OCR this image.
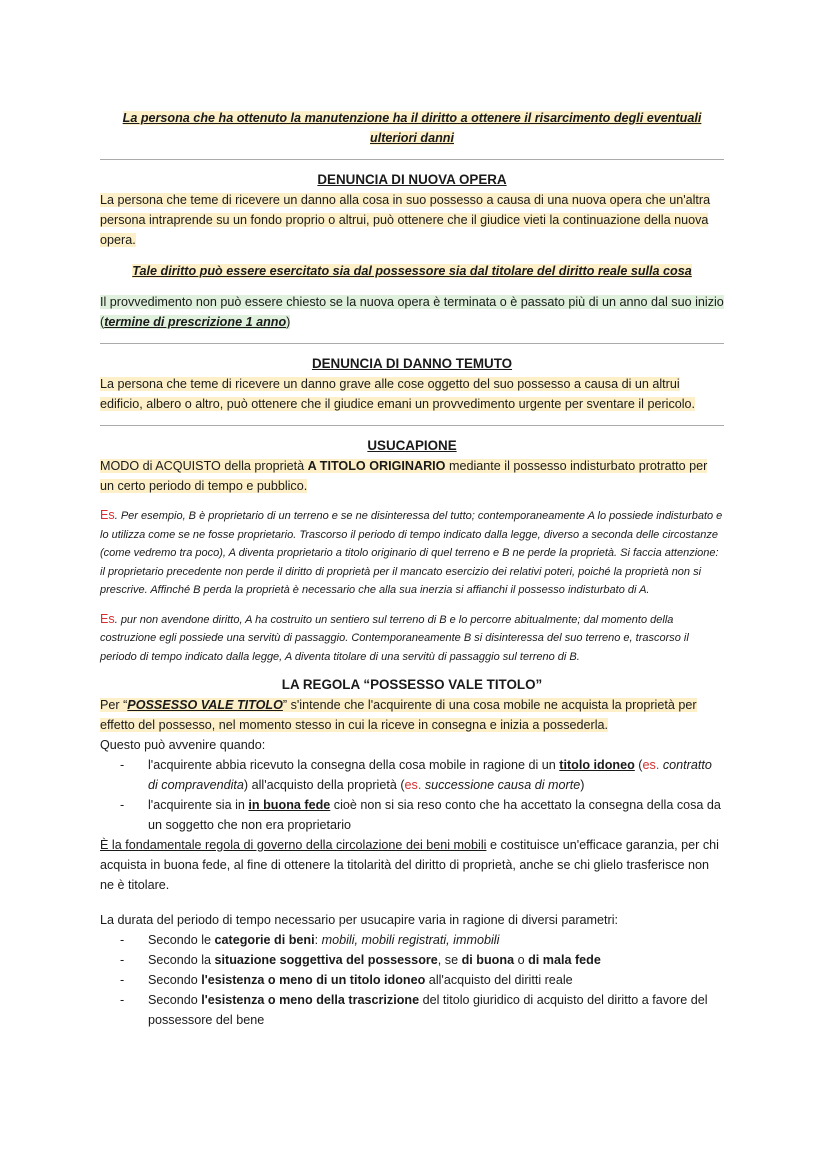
La persona che ha ottenuto la manutenzione ha il diritto a ottenere il risarcimento degli eventuali ulteriori danni

DENUNCIA DI NUOVA OPERA

La persona che teme di ricevere un danno alla cosa in suo possesso a causa di una nuova opera che un'altra persona intraprende su un fondo proprio o altrui, può ottenere che il giudice vieti la continuazione della nuova opera.

Tale diritto può essere esercitato sia dal possessore sia dal titolare del diritto reale sulla cosa

Il provvedimento non può essere chiesto se la nuova opera è terminata o è passato più di un anno dal suo inizio (termine di prescrizione 1 anno)

DENUNCIA DI DANNO TEMUTO

La persona che teme di ricevere un danno grave alle cose oggetto del suo possesso a causa di un altrui edificio, albero o altro, può ottenere che il giudice emani un provvedimento urgente per sventare il pericolo.

USUCAPIONE

MODO di ACQUISTO della proprietà A TITOLO ORIGINARIO mediante il possesso indisturbato protratto per un certo periodo di tempo e pubblico.

Es. Per esempio, B è proprietario di un terreno e se ne disinteressa del tutto; contemporaneamente A lo possiede indisturbato e lo utilizza come se ne fosse proprietario. Trascorso il periodo di tempo indicato dalla legge, diverso a seconda delle circostanze (come vedremo tra poco), A diventa proprietario a titolo originario di quel terreno e B ne perde la proprietà. Si faccia attenzione: il proprietario precedente non perde il diritto di proprietà per il mancato esercizio dei relativi poteri, poiché la proprietà non si prescrive. Affinché B perda la proprietà è necessario che alla sua inerzia si affianchi il possesso indisturbato di A.

Es. pur non avendone diritto, A ha costruito un sentiero sul terreno di B e lo percorre abitualmente; dal momento della costruzione egli possiede una servitù di passaggio. Contemporaneamente B si disinteressa del suo terreno e, trascorso il periodo di tempo indicato dalla legge, A diventa titolare di una servitù di passaggio sul terreno di B.

LA REGOLA “POSSESSO VALE TITOLO”

Per “POSSESSO VALE TITOLO” s'intende che l'acquirente di una cosa mobile ne acquista la proprietà per effetto del possesso, nel momento stesso in cui la riceve in consegna e inizia a possederla.

Questo può avvenire quando:

- l'acquirente abbia ricevuto la consegna della cosa mobile in ragione di un titolo idoneo (es. contratto di compravendita) all'acquisto della proprietà (es. successione causa di morte)
- l'acquirente sia in in buona fede cioè non si sia reso conto che ha accettato la consegna della cosa da un soggetto che non era proprietario

È la fondamentale regola di governo della circolazione dei beni mobili e costituisce un'efficace garanzia, per chi acquista in buona fede, al fine di ottenere la titolarità del diritto di proprietà, anche se chi glielo trasferisce non ne è titolare.

La durata del periodo di tempo necessario per usucapire varia in ragione di diversi parametri:

- Secondo le categorie di beni: mobili, mobili registrati, immobili
- Secondo la situazione soggettiva del possessore, se di buona o di mala fede
- Secondo l'esistenza o meno di un titolo idoneo all'acquisto del diritti reale
- Secondo l'esistenza o meno della trascrizione del titolo giuridico di acquisto del diritto a favore del possessore del bene
